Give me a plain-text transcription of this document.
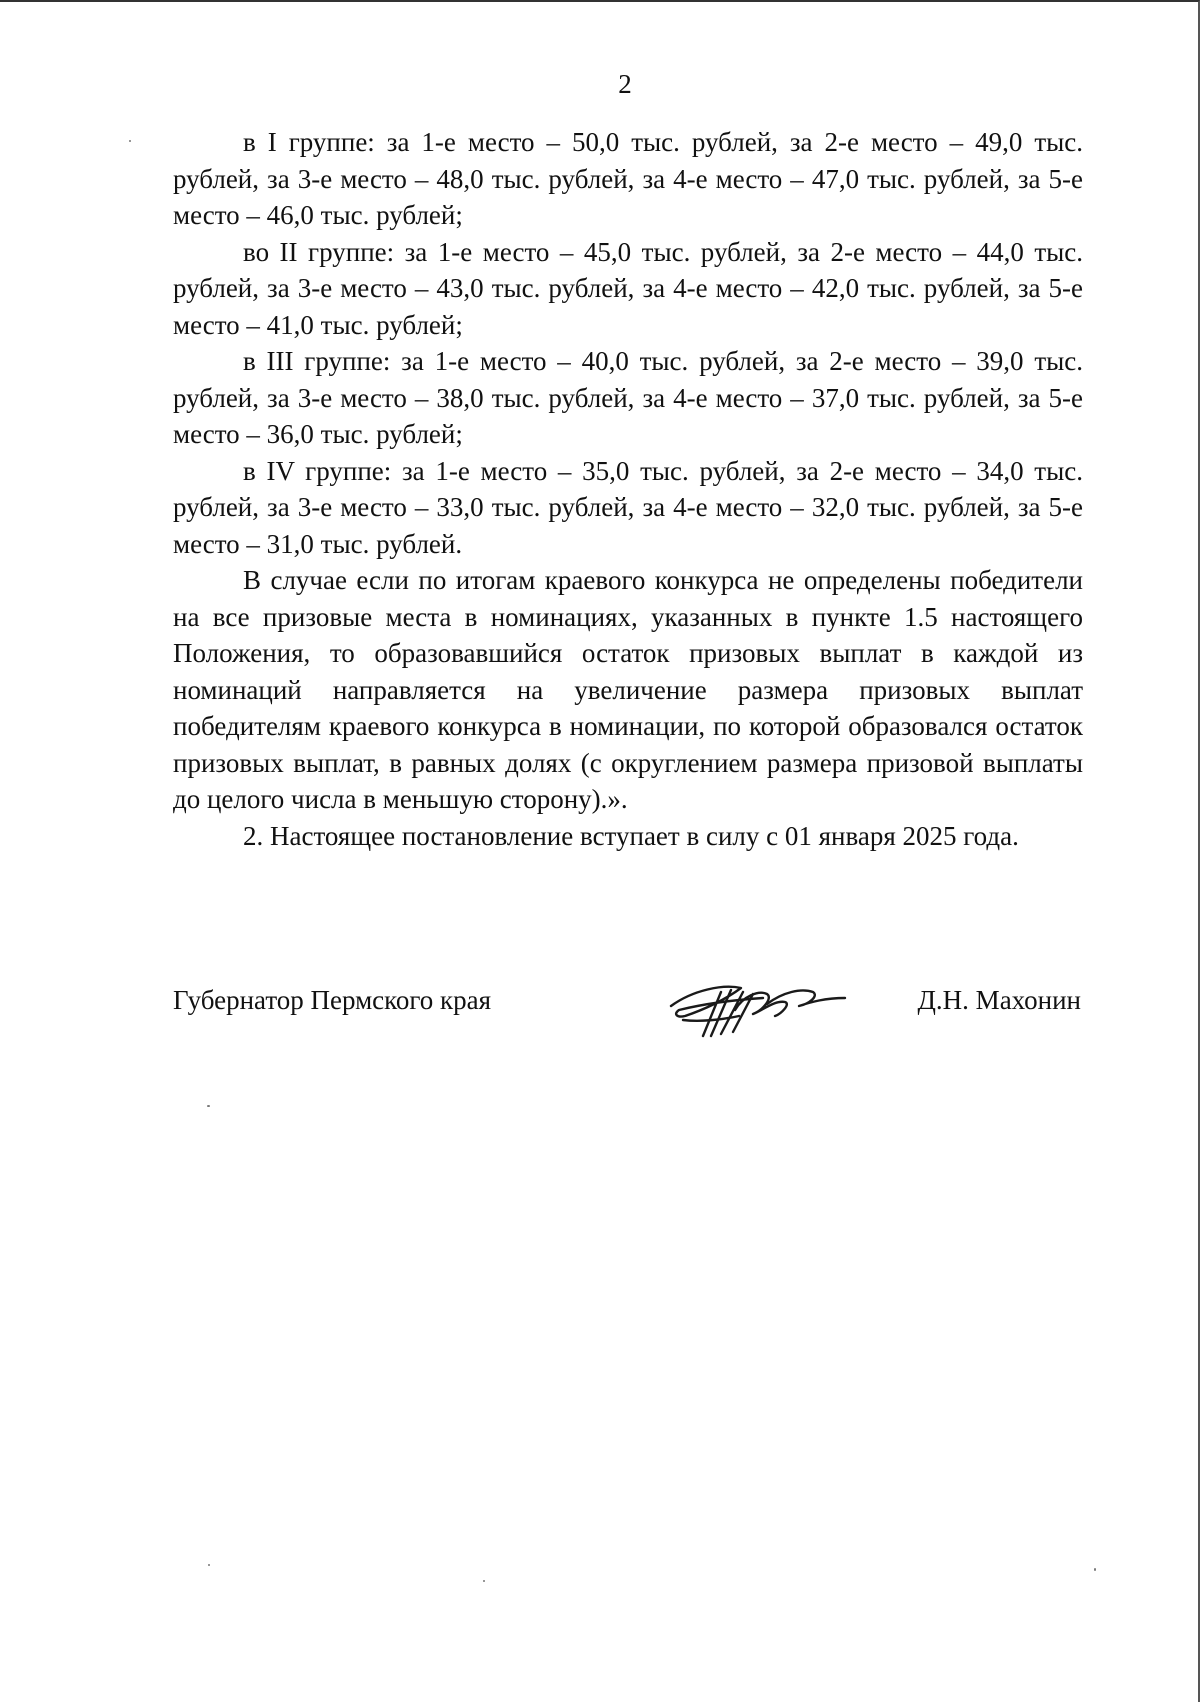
2

в I группе: за 1-е место – 50,0 тыс. рублей, за 2-е место – 49,0 тыс. рублей, за 3-е место – 48,0 тыс. рублей, за 4-е место – 47,0 тыс. рублей, за 5-е место – 46,0 тыс. рублей;

во II группе: за 1-е место – 45,0 тыс. рублей, за 2-е место – 44,0 тыс. рублей, за 3-е место – 43,0 тыс. рублей, за 4-е место – 42,0 тыс. рублей, за 5-е место – 41,0 тыс. рублей;

в III группе: за 1-е место – 40,0 тыс. рублей, за 2-е место – 39,0 тыс. рублей, за 3-е место – 38,0 тыс. рублей, за 4-е место – 37,0 тыс. рублей, за 5-е место – 36,0 тыс. рублей;

в IV группе: за 1-е место – 35,0 тыс. рублей, за 2-е место – 34,0 тыс. рублей, за 3-е место – 33,0 тыс. рублей, за 4-е место – 32,0 тыс. рублей, за 5-е место – 31,0 тыс. рублей.

В случае если по итогам краевого конкурса не определены победители на все призовые места в номинациях, указанных в пункте 1.5 настоящего Положения, то образовавшийся остаток призовых выплат в каждой из номинаций направляется на увеличение размера призовых выплат победителям краевого конкурса в номинации, по которой образовался остаток призовых выплат, в равных долях (с округлением размера призовой выплаты до целого числа в меньшую сторону).».

2. Настоящее постановление вступает в силу с 01 января 2025 года.

Губернатор Пермского края	Д.Н. Махонин
